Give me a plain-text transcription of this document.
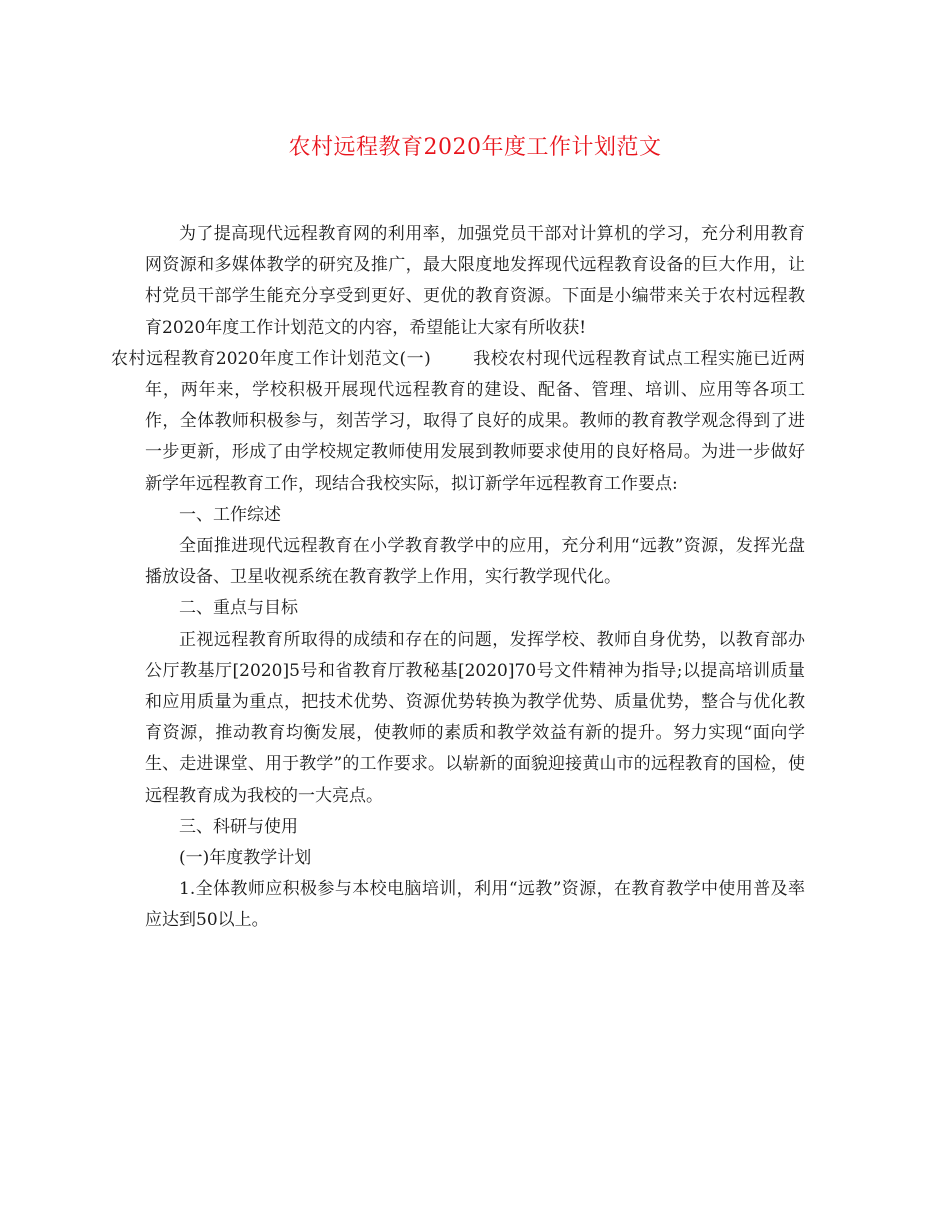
农村远程教育2020年度工作计划范文

为了提高现代远程教育网的利用率，加强党员干部对计算机的学习，充分利用教育网资源和多媒体教学的研究及推广，最大限度地发挥现代远程教育设备的巨大作用，让村党员干部学生能充分享受到更好、更优的教育资源。下面是小编带来关于农村远程教育2020年度工作计划范文的内容，希望能让大家有所收获!
农村远程教育2020年度工作计划范文(一) 我校农村现代远程教育试点工程实施已近两年，两年来，学校积极开展现代远程教育的建设、配备、管理、培训、应用等各项工作，全体教师积极参与，刻苦学习，取得了良好的成果。教师的教育教学观念得到了进一步更新，形成了由学校规定教师使用发展到教师要求使用的良好格局。为进一步做好新学年远程教育工作，现结合我校实际，拟订新学年远程教育工作要点:

一、工作综述

全面推进现代远程教育在小学教育教学中的应用，充分利用“远教”资源，发挥光盘播放设备、卫星收视系统在教育教学上作用，实行教学现代化。

二、重点与目标

正视远程教育所取得的成绩和存在的问题，发挥学校、教师自身优势，以教育部办公厅教基厅[2020]5号和省教育厅教秘基[2020]70号文件精神为指导;以提高培训质量和应用质量为重点，把技术优势、资源优势转换为教学优势、质量优势，整合与优化教育资源，推动教育均衡发展，使教师的素质和教学效益有新的提升。努力实现“面向学生、走进课堂、用于教学”的工作要求。以崭新的面貌迎接黄山市的远程教育的国检，使远程教育成为我校的一大亮点。

三、科研与使用

(一)年度教学计划

1.全体教师应积极参与本校电脑培训，利用“远教”资源，在教育教学中使用普及率应达到50以上。
